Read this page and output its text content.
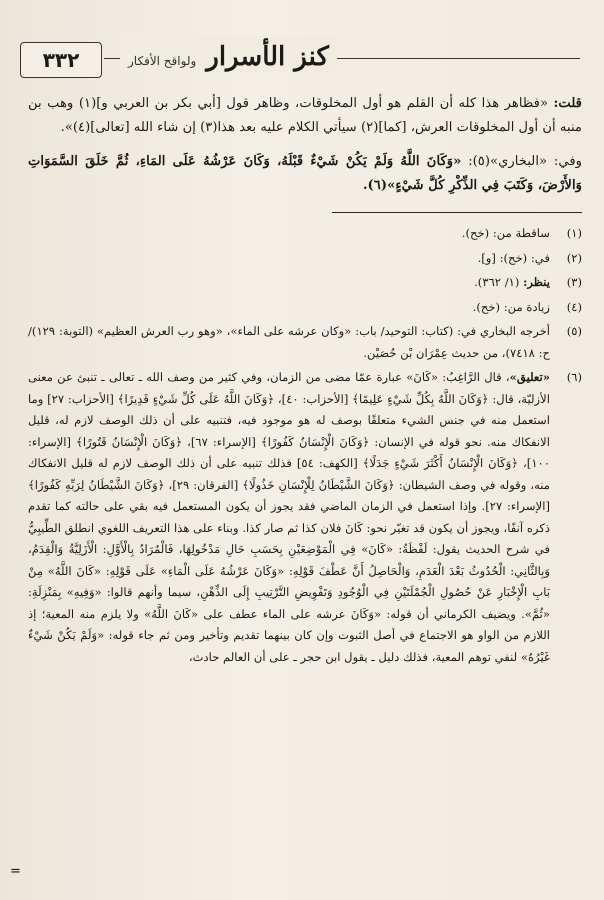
٣٣٢	كنز الأسرار
ولواقح الأفكار

قلت: «فظاهر هذا كله أن القلم هو أول المخلوقات، وظاهر قول [أبي بكر بن العربي و](١) وهب بن منبه أن أول المخلوقات العرش، [كما](٢) سيأتي الكلام عليه بعد هذا(٣) إن شاء الله [تعالى](٤)».

وفي: «البخاري»(٥): «وَكَانَ اللَّهُ وَلَمْ يَكُنْ شَيْءٌ قَبْلَهُ، وَكَانَ عَرْشُهُ عَلَى المَاءِ، ثُمَّ خَلَقَ السَّمَوَاتِ وَالأَرْضَ، وَكَتَبَ فِي الذِّكْرِ كُلَّ شَيْءٍ»(٦).

(١)
ساقطة من: (خح).
(٢)
في: (خح): [و].
(٣)
ينظر: (١/ ٣٦٢).
(٤)
زيادة من: (خح).
(٥)
أخرجه البخاري في: (كتاب: التوحيد/ باب: «وكان عرشه على الماء»، «وهو رب العرش العظيم» (التوبة: ١٢٩)/ ح: ٧٤١٨)، من حديث عِمْرَان بْن حُصَيْن.
(٦)
«تعليق»، قال الرَّاغِبُ: «كَانَ» عبارة عمّا مضى من الزمان، وفي كثير من وصف الله ـ تعالى ـ تنبئ عن معنى الأزليّة، قال: ﴿وَكَانَ اللَّهُ بِكُلِّ شَيْءٍ عَلِيمًا﴾ [الأحزاب: ٤٠]، ﴿وَكَانَ اللَّهُ عَلَى كُلِّ شَيْءٍ قَدِيرًا﴾ [الأحزاب: ٢٧] وما استعمل منه في جنس الشيء متعلقًا بوصف له هو موجود فيه، فتنبيه على أن ذلك الوصف لازم له، قليل الانفكاك منه. نحو قوله في الإنسان: ﴿وَكَانَ الْإِنْسَانُ كَفُورًا﴾ [الإسراء: ٦٧]، ﴿وَكَانَ الْإِنْسَانُ قَتُورًا﴾ [الإسراء: ١٠٠]، ﴿وَكَانَ الْإِنْسَانُ أَكْثَرَ شَيْءٍ جَدَلًا﴾ [الكهف: ٥٤] فذلك تنبيه على أن ذلك الوصف لازم له قليل الانفكاك منه، وقوله في وصف الشيطان: ﴿وَكَانَ الشَّيْطَانُ لِلْإِنْسَانِ خَذُولًا﴾ [الفرقان: ٢٩]، ﴿وَكَانَ الشَّيْطَانُ لِرَبِّهِ كَفُورًا﴾ [الإسراء: ٢٧]. وإذا استعمل في الزمان الماضي فقد يجوز أن يكون المستعمل فيه بقي على حالته كما تقدم ذكره آنفًا، ويجوز أن يكون قد تغيّر نحو: كَانَ فلان كذا ثم صار كذا. وبناء على هذا التعريف اللغوي انطلق الطِّيبِيُّ في شرح الحديث يقول: لَفْظَةُ: «كَانَ» فِي الْمَوْضِعَيْنِ بِحَسَبِ حَالِ مَدْخُولِهَا، فَالْمُرَادُ بِالْأَوَّلِ: الْأَزَلِيَّةُ وَالْقِدَمُ، وَبِالثَّانِي: الْحُدُوثُ بَعْدَ الْعَدَمِ، وَالْحَاصِلُ أَنَّ عَطْفَ قَوْلِهِ: «وَكَانَ عَرْشُهُ عَلَى الْمَاءِ» عَلَى قَوْلِهِ: «كَانَ اللَّهُ» مِنْ بَابِ الْإِخْبَارِ عَنْ حُصُولِ الْجُمْلَتَيْنِ فِي الْوُجُودِ وَتَفْوِيضِ التَّرْتِيبِ إِلَى الذِّهْنِ، سيما وأنهم قالوا: «وَفِيهِ» بِمَنْزِلَةِ: «ثُمَّ». ويضيف الكرماني أن قوله: «وَكَانَ عرشه على الماء عطف على «كَانَ اللَّهُ» ولا يلزم منه المعية؛ إذ اللازم من الواو هو الاجتماع في أصل الثبوت وإن كان بينهما تقديم وتأخير ومن ثم جاء قوله: «وَلَمْ يَكُنْ شَيْءٌ غَيْرُهُ» لنفي توهم المعية، فذلك دليل ـ يقول ابن حجر ـ على أن العالم حادث،
=
